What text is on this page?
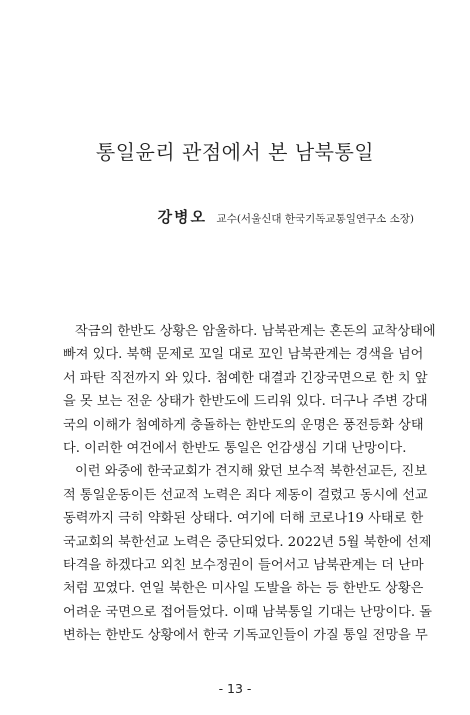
통일윤리 관점에서 본 남북통일
강병오 교수(서울신대 한국기독교통일연구소 소장)
작금의 한반도 상황은 암울하다. 남북관계는 혼돈의 교착상태에
빠져 있다. 북핵 문제로 꼬일 대로 꼬인 남북관계는 경색을 넘어
서 파탄 직전까지 와 있다. 첨예한 대결과 긴장국면으로 한 치 앞
을 못 보는 전운 상태가 한반도에 드리워 있다. 더구나 주변 강대
국의 이해가 첨예하게 충돌하는 한반도의 운명은 풍전등화 상태
다. 이러한 여건에서 한반도 통일은 언감생심 기대 난망이다.
이런 와중에 한국교회가 견지해 왔던 보수적 북한선교든, 진보
적 통일운동이든 선교적 노력은 죄다 제동이 걸렸고 동시에 선교
동력까지 극히 약화된 상태다. 여기에 더해 코로나19 사태로 한
국교회의 북한선교 노력은 중단되었다. 2022년 5월 북한에 선제
타격을 하겠다고 외친 보수정권이 들어서고 남북관계는 더 난마
처럼 꼬였다. 연일 북한은 미사일 도발을 하는 등 한반도 상황은
어려운 국면으로 접어들었다. 이때 남북통일 기대는 난망이다. 돌
변하는 한반도 상황에서 한국 기독교인들이 가질 통일 전망을 무
- 13 -
